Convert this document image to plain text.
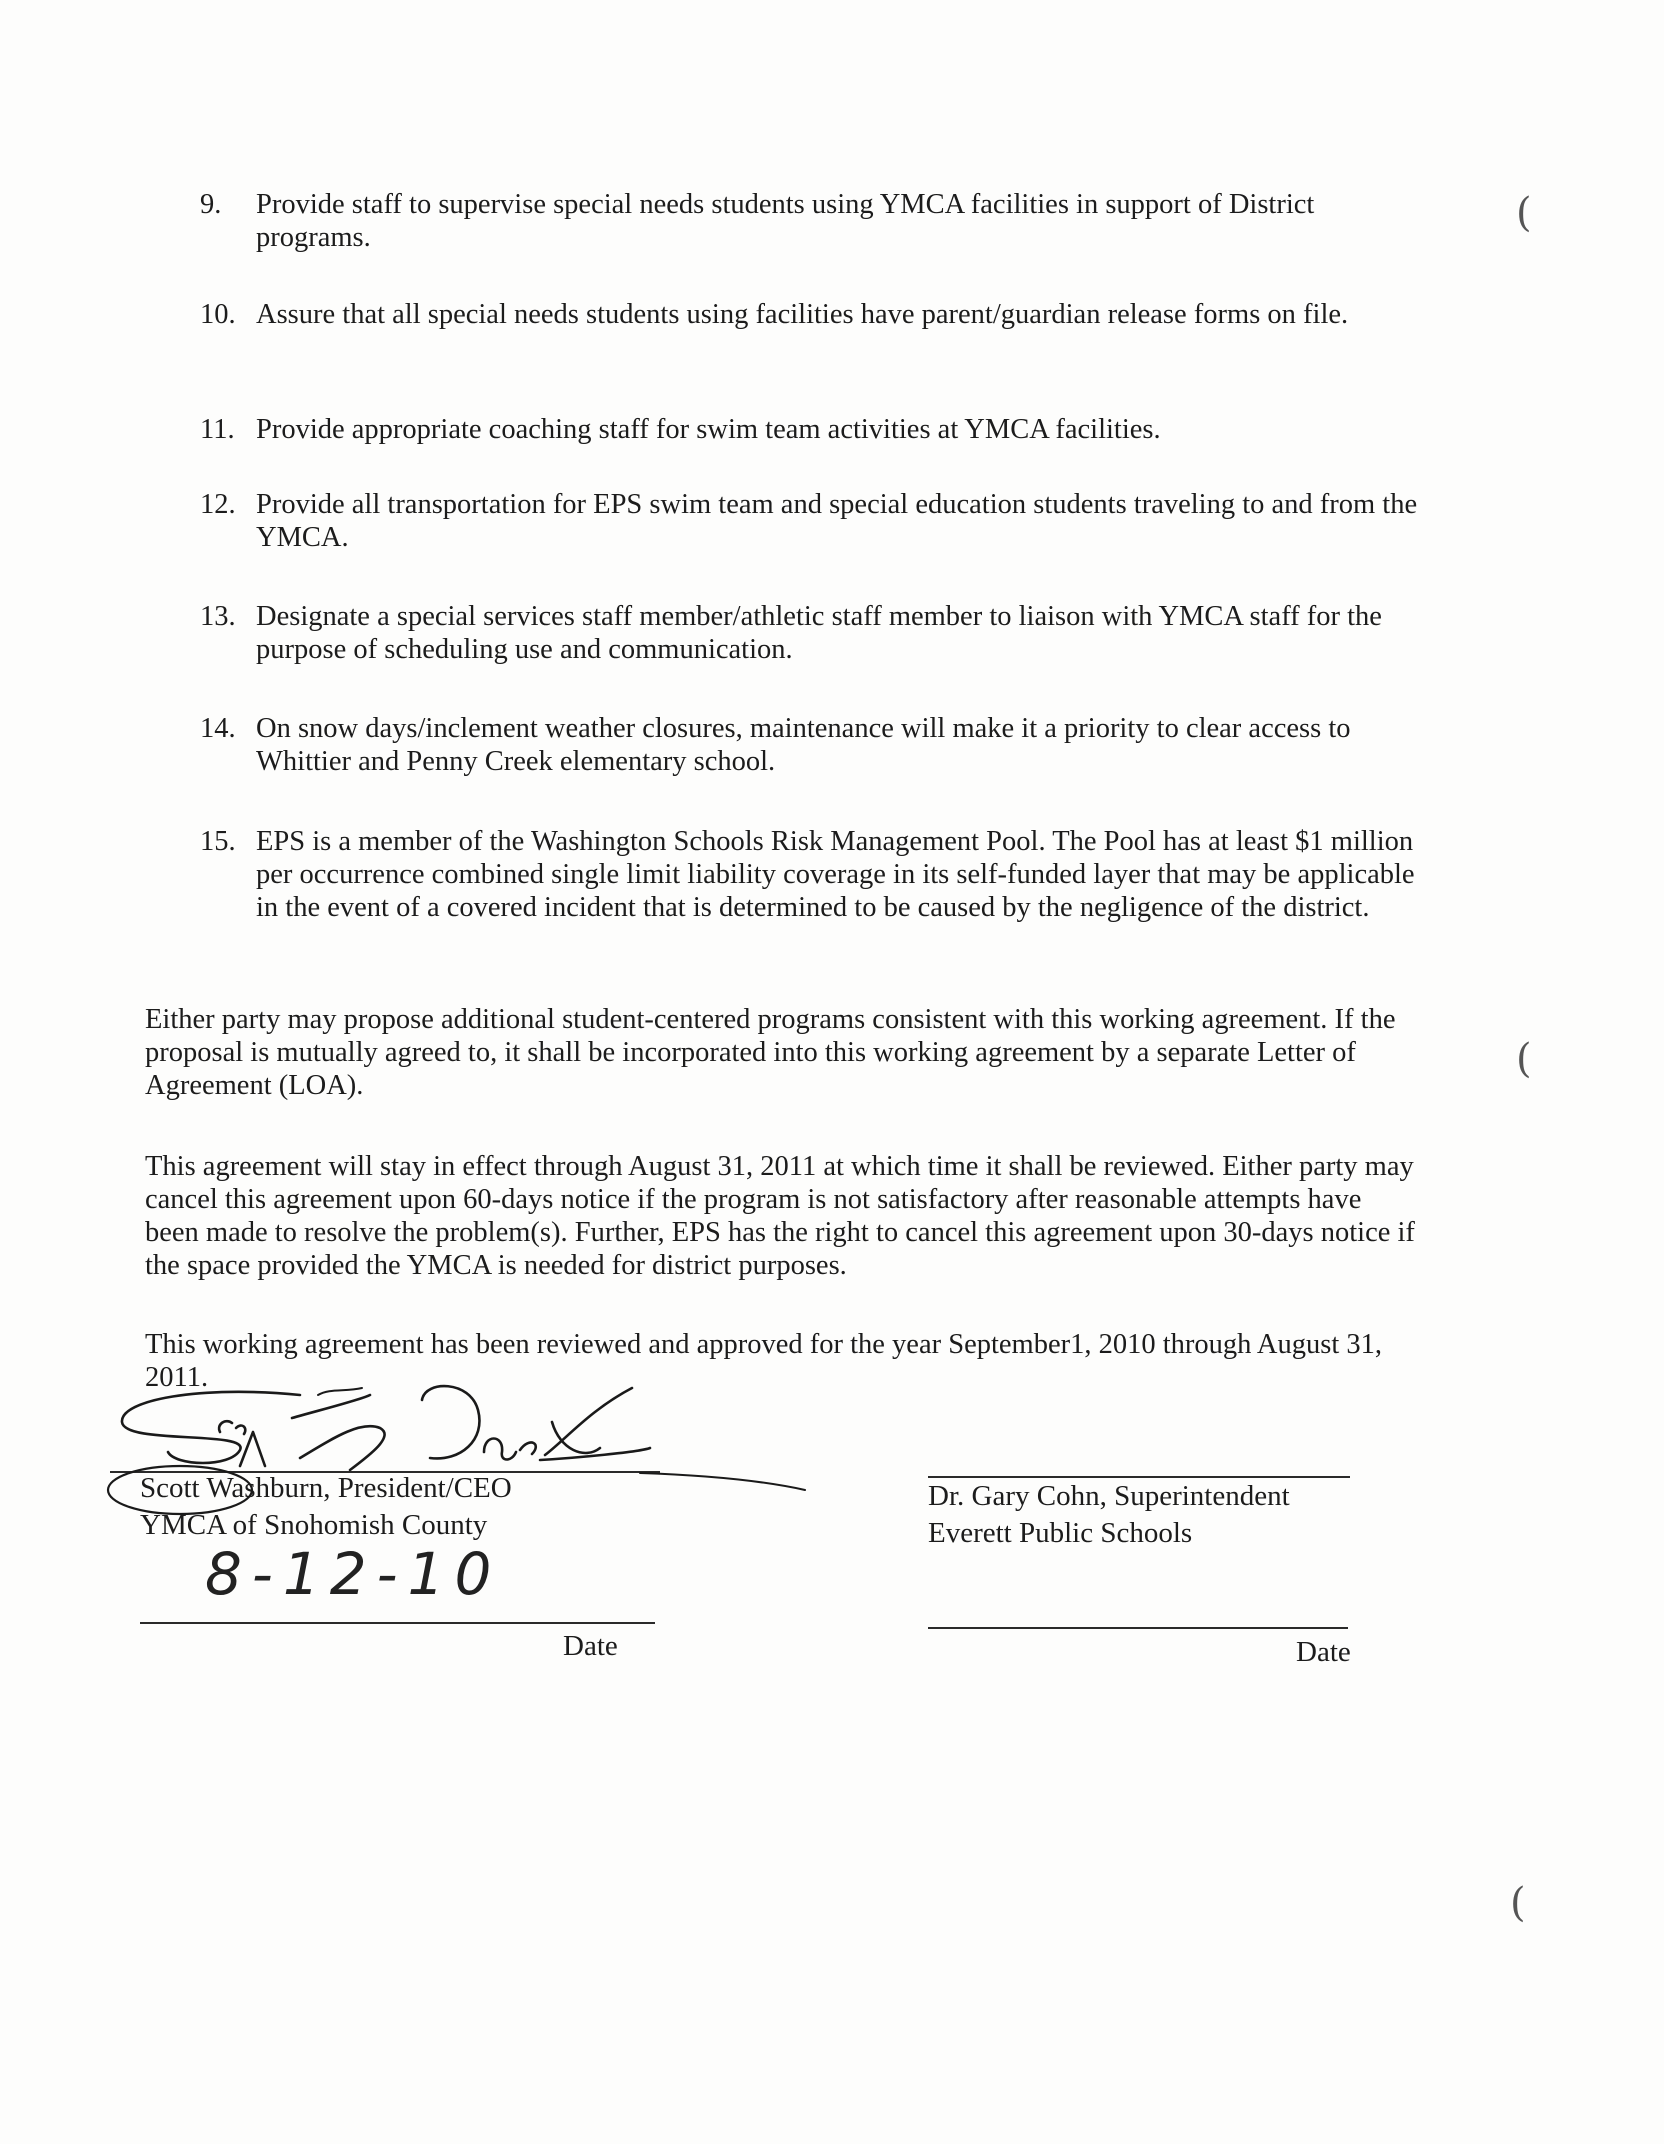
9. Provide staff to supervise special needs students using YMCA facilities in support of District programs.
10. Assure that all special needs students using facilities have parent/guardian release forms on file.
11. Provide appropriate coaching staff for swim team activities at YMCA facilities.
12. Provide all transportation for EPS swim team and special education students traveling to and from the YMCA.
13. Designate a special services staff member/athletic staff member to liaison with YMCA staff for the purpose of scheduling use and communication.
14. On snow days/inclement weather closures, maintenance will make it a priority to clear access to Whittier and Penny Creek elementary school.
15. EPS is a member of the Washington Schools Risk Management Pool. The Pool has at least $1 million per occurrence combined single limit liability coverage in its self-funded layer that may be applicable in the event of a covered incident that is determined to be caused by the negligence of the district.
Either party may propose additional student-centered programs consistent with this working agreement. If the proposal is mutually agreed to, it shall be incorporated into this working agreement by a separate Letter of Agreement (LOA).
This agreement will stay in effect through August 31, 2011 at which time it shall be reviewed. Either party may cancel this agreement upon 60-days notice if the program is not satisfactory after reasonable attempts have been made to resolve the problem(s). Further, EPS has the right to cancel this agreement upon 30-days notice if the space provided the YMCA is needed for district purposes.
This working agreement has been reviewed and approved for the year September1, 2010 through August 31, 2011.
Scott Washburn, President/CEO
YMCA of Snohomish County
8-12-10
Date
Dr. Gary Cohn, Superintendent
Everett Public Schools
Date
(
(
(
